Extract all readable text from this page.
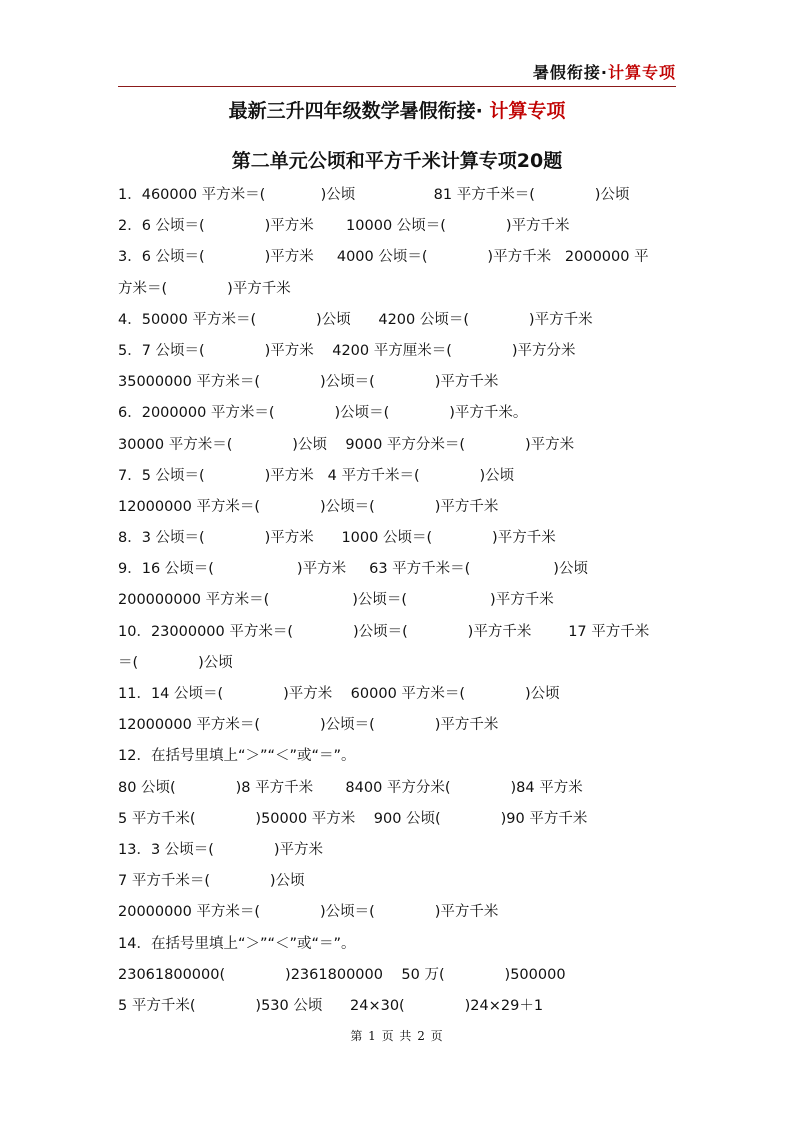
暑假衔接·计算专项
最新三升四年级数学暑假衔接· 计算专项
第二单元公顷和平方千米计算专项20题
1．460000 平方米＝(            )公顷                 81 平方千米＝(             )公顷
2．6 公顷＝(             )平方米       10000 公顷＝(             )平方千米
3．6 公顷＝(             )平方米     4000 公顷＝(             )平方千米   2000000 平
方米＝(             )平方千米
4．50000 平方米＝(             )公顷      4200 公顷＝(             )平方千米
5．7 公顷＝(             )平方米    4200 平方厘米＝(             )平方分米
35000000 平方米＝(             )公顷＝(             )平方千米
6．2000000 平方米＝(             )公顷＝(             )平方千米。
30000 平方米＝(             )公顷    9000 平方分米＝(             )平方米
7．5 公顷＝(             )平方米   4 平方千米＝(             )公顷
12000000 平方米＝(             )公顷＝(             )平方千米
8．3 公顷＝(             )平方米      1000 公顷＝(             )平方千米
9．16 公顷＝(                  )平方米     63 平方千米＝(                  )公顷
200000000 平方米＝(                  )公顷＝(                  )平方千米
10．23000000 平方米＝(             )公顷＝(             )平方千米        17 平方千米
＝(             )公顷
11．14 公顷＝(             )平方米    60000 平方米＝(             )公顷
12000000 平方米＝(             )公顷＝(             )平方千米
12．在括号里填上“＞”“＜”或“＝”。
80 公顷(             )8 平方千米       8400 平方分米(             )84 平方米
5 平方千米(             )50000 平方米    900 公顷(             )90 平方千米
13．3 公顷＝(             )平方米
7 平方千米＝(             )公顷
20000000 平方米＝(             )公顷＝(             )平方千米
14．在括号里填上“＞”“＜”或“＝”。
23061800000(             )2361800000    50 万(             )500000
5 平方千米(             )530 公顷      24×30(             )24×29＋1
第 1 页 共 2 页
